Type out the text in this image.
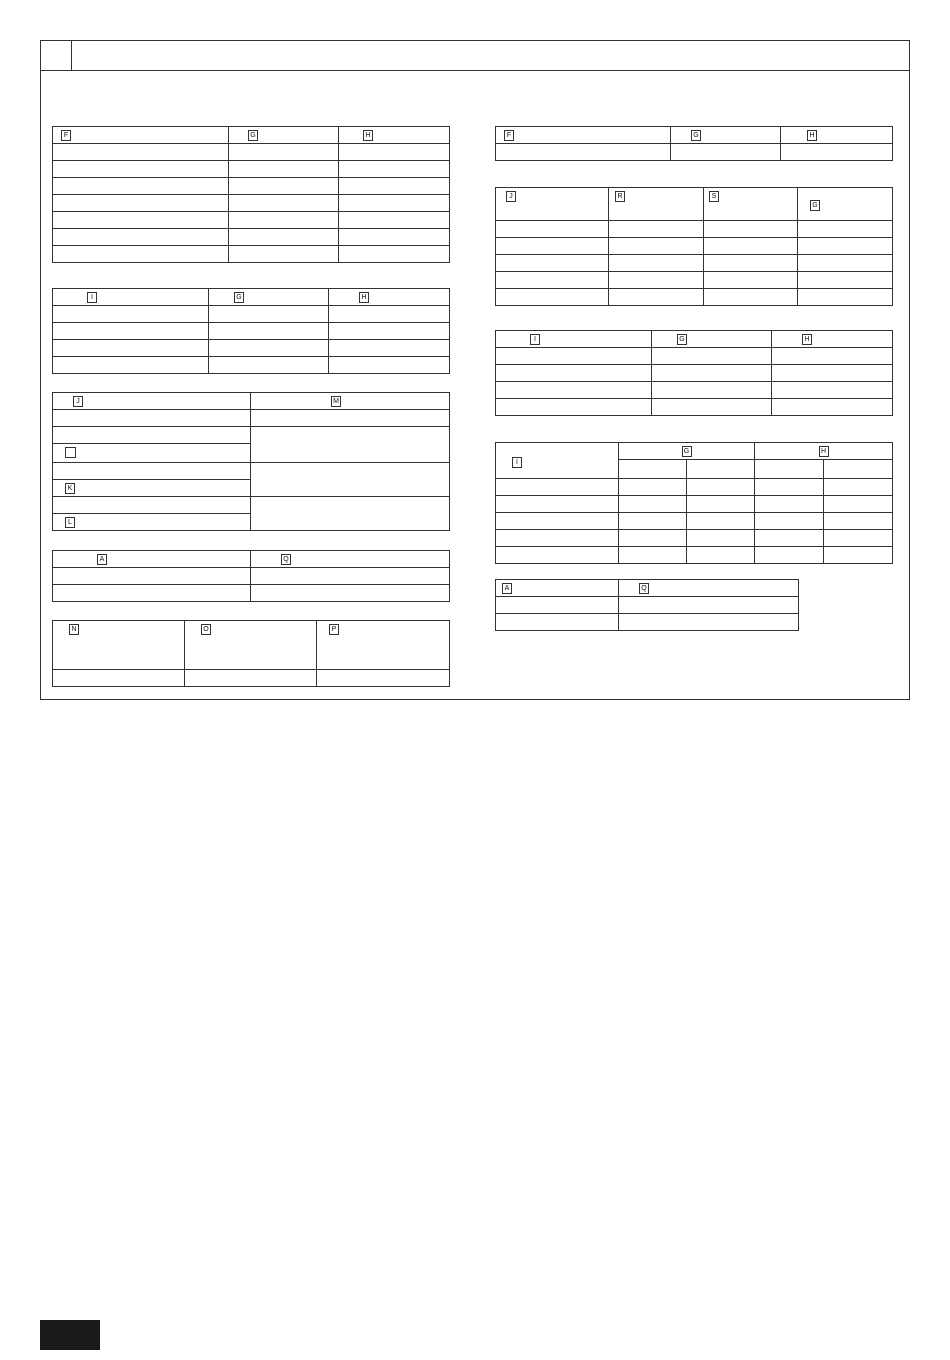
F	G	H

I	G	H

J	M

K	

L	
A	Q

N	O	P

F	G	H

J	R	S	G

I	G	H

I	G		H	

A	Q
